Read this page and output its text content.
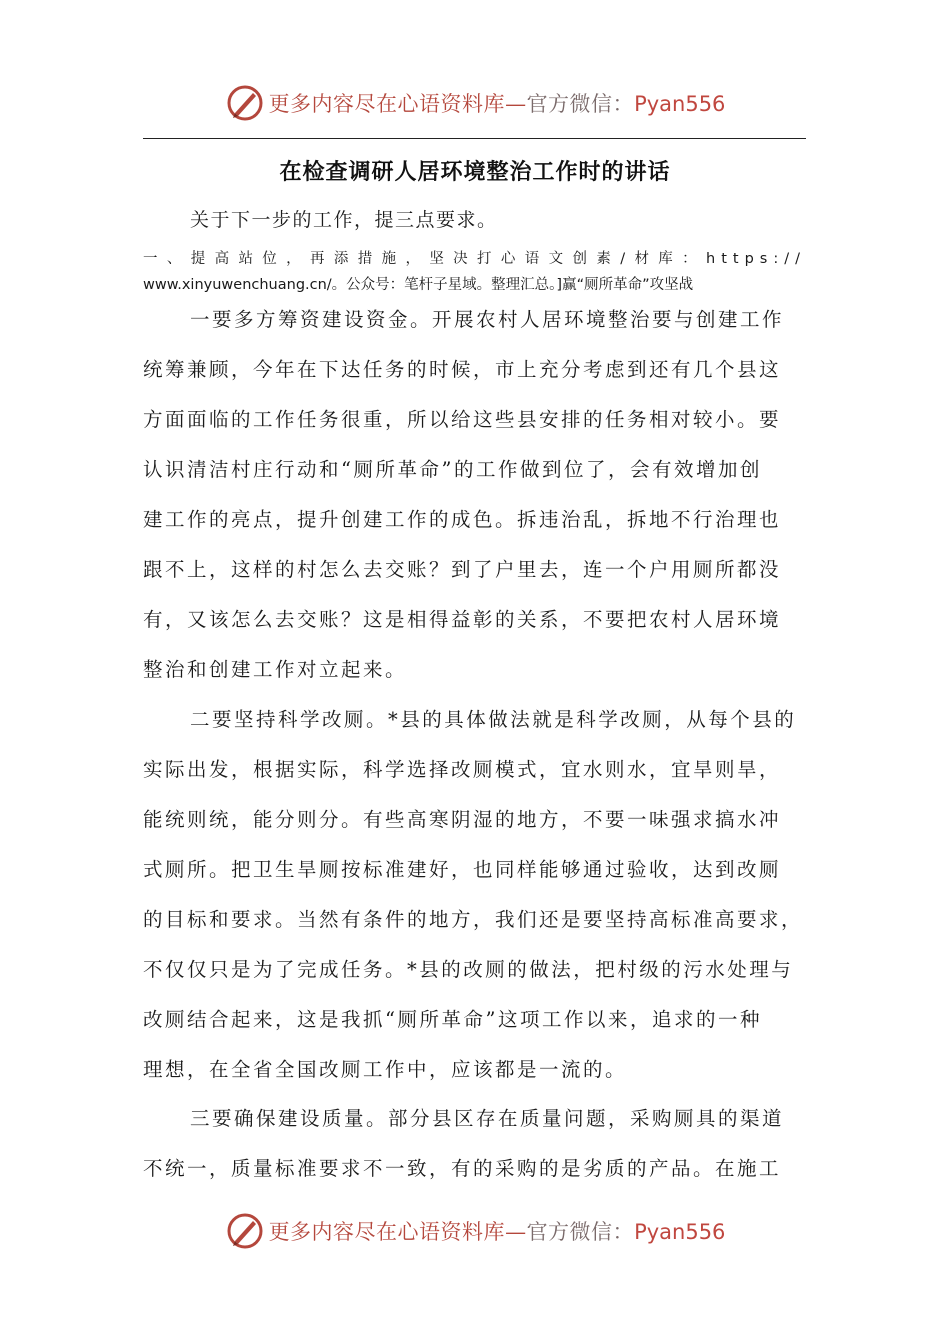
更多内容尽在心语资料库—官方微信：Pyan556
在检查调研人居环境整治工作时的讲话
关于下一步的工作，提三点要求。
一、提高站位，再添措施，坚决打心语文创素/材库：https://
www.xinyuwenchuang.cn/。公众号：笔杆子星域。整理汇总。]赢“厕所革命”攻坚战
一要多方筹资建设资金。开展农村人居环境整治要与创建工作
统筹兼顾，今年在下达任务的时候，市上充分考虑到还有几个县这
方面面临的工作任务很重，所以给这些县安排的任务相对较小。要
认识清洁村庄行动和“厕所革命”的工作做到位了，会有效增加创
建工作的亮点，提升创建工作的成色。拆违治乱，拆地不行治理也
跟不上，这样的村怎么去交账？到了户里去，连一个户用厕所都没
有，又该怎么去交账？这是相得益彰的关系，不要把农村人居环境
整治和创建工作对立起来。
二要坚持科学改厕。*县的具体做法就是科学改厕，从每个县的
实际出发，根据实际，科学选择改厕模式，宜水则水，宜旱则旱，
能统则统，能分则分。有些高寒阴湿的地方，不要一味强求搞水冲
式厕所。把卫生旱厕按标准建好，也同样能够通过验收，达到改厕
的目标和要求。当然有条件的地方，我们还是要坚持高标准高要求，
不仅仅只是为了完成任务。*县的改厕的做法，把村级的污水处理与
改厕结合起来，这是我抓“厕所革命”这项工作以来，追求的一种
理想，在全省全国改厕工作中，应该都是一流的。
三要确保建设质量。部分县区存在质量问题，采购厕具的渠道
不统一，质量标准要求不一致，有的采购的是劣质的产品。在施工
更多内容尽在心语资料库—官方微信：Pyan556
